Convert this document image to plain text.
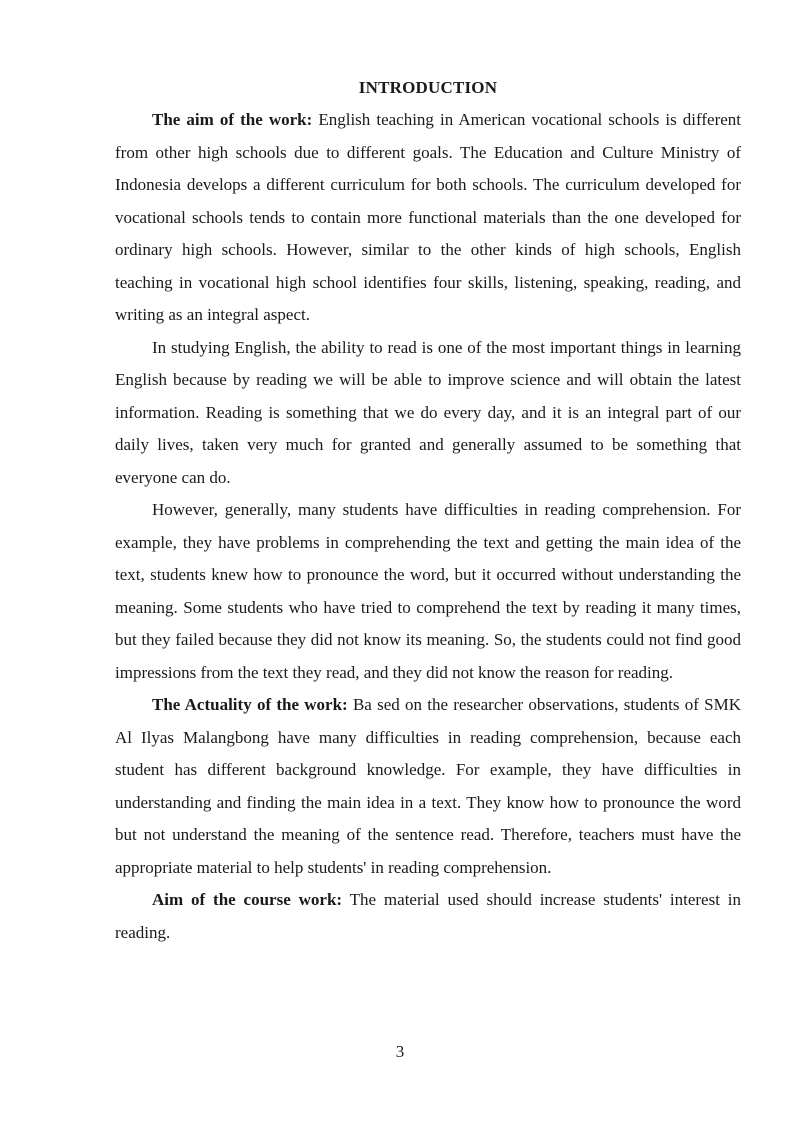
INTRODUCTION

The aim of the work: English teaching in American vocational schools is different from other high schools due to different goals. The Education and Culture Ministry of Indonesia develops a different curriculum for both schools. The curriculum developed for vocational schools tends to contain more functional materials than the one developed for ordinary high schools. However, similar to the other kinds of high schools, English teaching in vocational high school identifies four skills, listening, speaking, reading, and writing as an integral aspect.

In studying English, the ability to read is one of the most important things in learning English because by reading we will be able to improve science and will obtain the latest information. Reading is something that we do every day, and it is an integral part of our daily lives, taken very much for granted and generally assumed to be something that everyone can do.

However, generally, many students have difficulties in reading comprehension. For example, they have problems in comprehending the text and getting the main idea of the text, students knew how to pronounce the word, but it occurred without understanding the meaning. Some students who have tried to comprehend the text by reading it many times, but they failed because they did not know its meaning. So, the students could not find good impressions from the text they read, and they did not know the reason for reading.

The Actuality of the work: Ba sed on the researcher observations, students of SMK Al Ilyas Malangbong have many difficulties in reading comprehension, because each student has different background knowledge. For example, they have difficulties in understanding and finding the main idea in a text. They know how to pronounce the word but not understand the meaning of the sentence read. Therefore, teachers must have the appropriate material to help students' in reading comprehension.

Aim of the course work: The material used should increase students' interest in reading.

3
